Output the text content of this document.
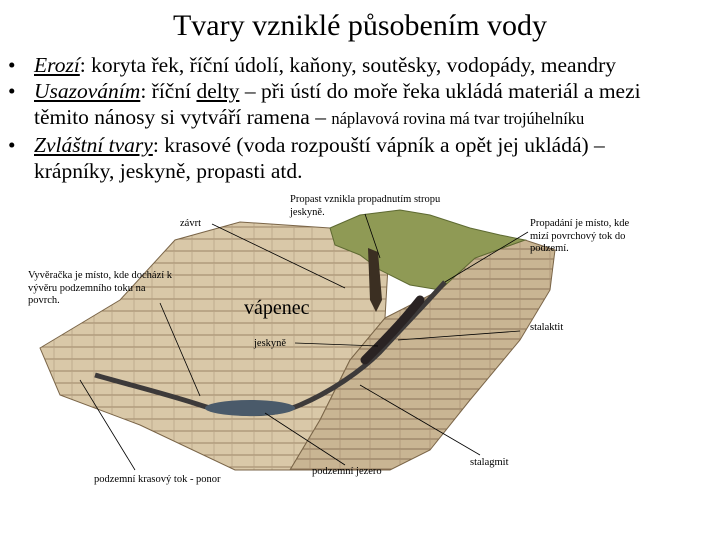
Tvary vzniklé působením vody
• Erozí: koryta řek, říční údolí, kaňony, soutěsky, vodopády, meandry
• Usazováním: říční delty – při ústí do moře řeka ukládá materiál a mezi
těmito nánosy si vytváří ramena – náplavová rovina má tvar trojúhelníku
• Zvláštní tvary: krasové (voda rozpouští vápník a opět jej ukládá) –
krápníky, jeskyně, propasti atd.
Propast vznikla propadnutím stropu jeskyně.
závrt	Propadání je místo, kde mizí povrchový tok do podzemí.
Vyvěračka je místo, kde dochází k vývěru podzemního toku na povrch.	vápenec
stalaktit
jeskyně
podzemní krasový tok - ponor
podzemní jezero
stalagmit
